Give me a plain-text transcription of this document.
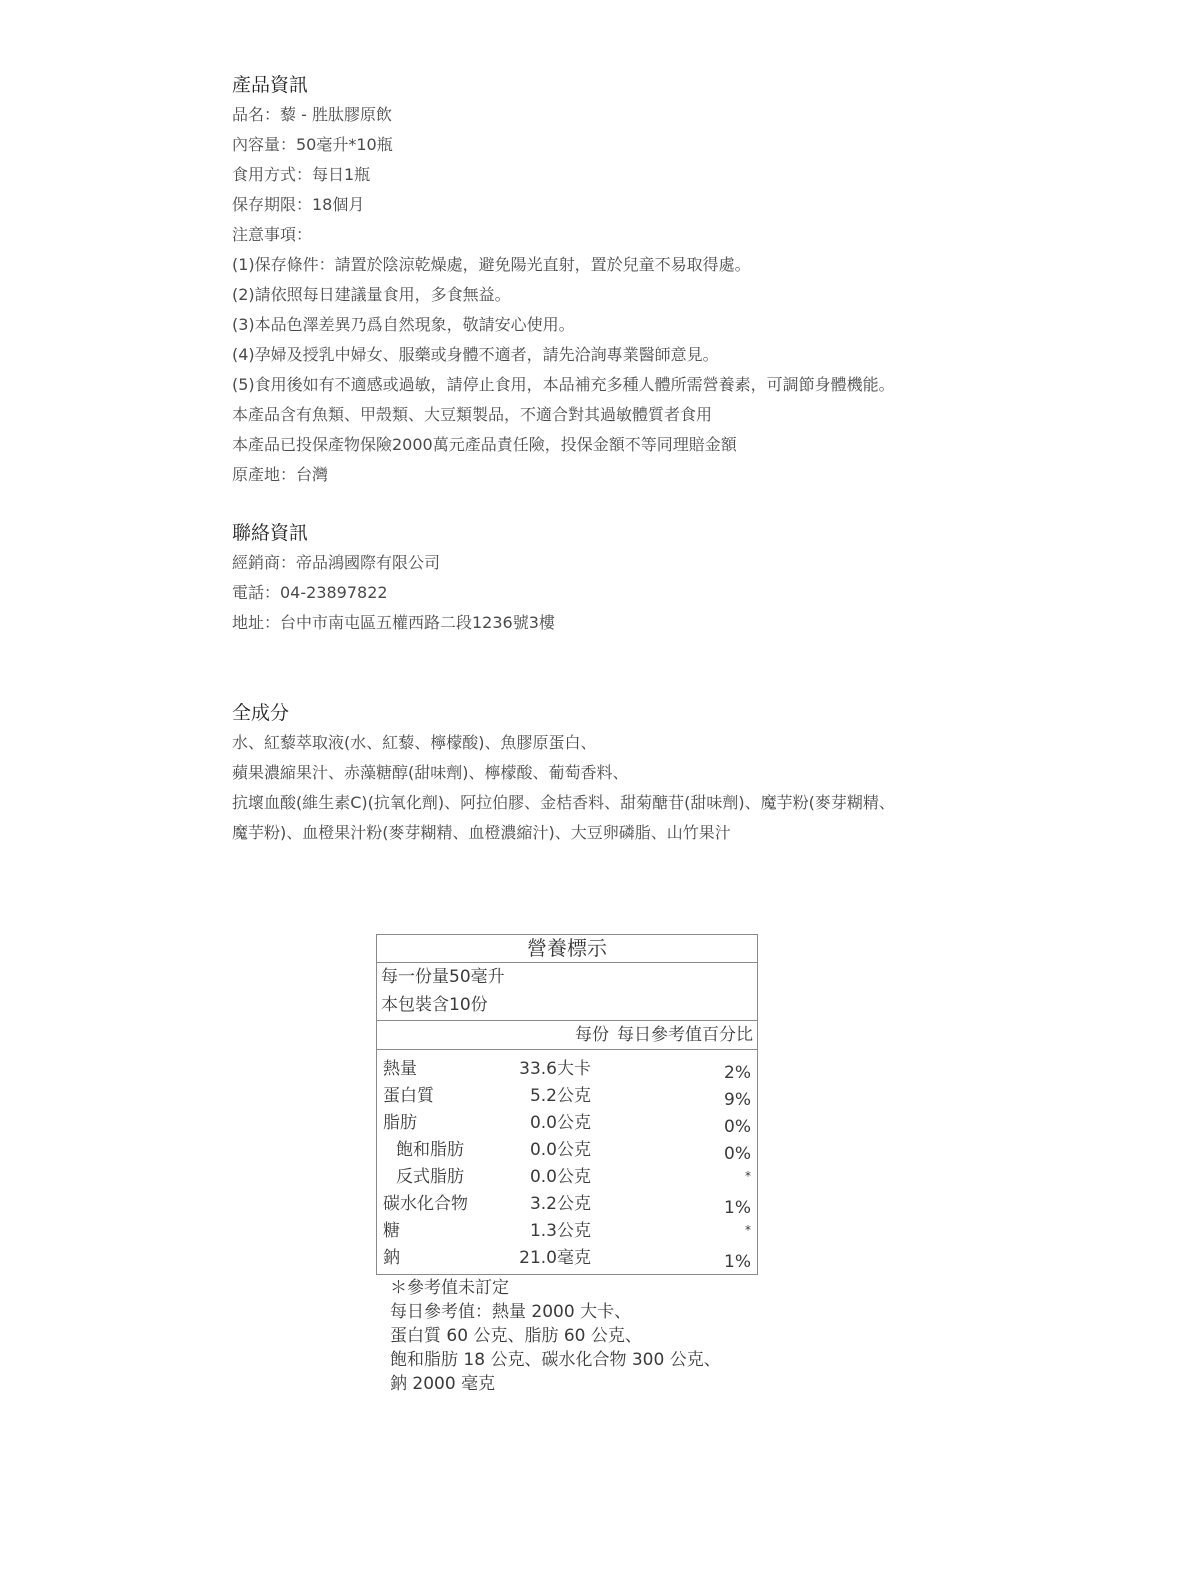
產品資訊
品名：藜 - 胜肽膠原飲
內容量：50毫升*10瓶
食用方式：每日1瓶
保存期限：18個月
注意事項：
(1)保存條件：請置於陰涼乾燥處，避免陽光直射，置於兒童不易取得處。
(2)請依照每日建議量食用，多食無益。
(3)本品色澤差異乃爲自然現象，敬請安心使用。
(4)孕婦及授乳中婦女、服藥或身體不適者，請先洽詢專業醫師意見。
(5)食用後如有不適感或過敏，請停止食用，本品補充多種人體所需營養素，可調節身體機能。
本產品含有魚類、甲殼類、大豆類製品，不適合對其過敏體質者食用
本產品已投保產物保險2000萬元產品責任險，投保金額不等同理賠金額
原產地：台灣
聯絡資訊
經銷商：帝品鴻國際有限公司
電話：04-23897822
地址：台中市南屯區五權西路二段1236號3樓
全成分
水、紅藜萃取液(水、紅藜、檸檬酸)、魚膠原蛋白、
蘋果濃縮果汁、赤藻糖醇(甜味劑)、檸檬酸、葡萄香料、
抗壞血酸(維生素C)(抗氧化劑)、阿拉伯膠、金桔香料、甜菊醣苷(甜味劑)、魔芋粉(麥芽糊精、
魔芋粉)、血橙果汁粉(麥芽糊精、血橙濃縮汁)、大豆卵磷脂、山竹果汁
營養標示
每一份量50毫升
本包裝含10份
每份 每日參考值百分比
熱量	33.6大卡	2%
蛋白質	5.2公克	9%
脂肪	0.0公克	0%
飽和脂肪	0.0公克	0%
反式脂肪	0.0公克	*
碳水化合物	3.2公克	1%
糖	1.3公克	*
鈉	21.0毫克	1%
＊參考值未訂定
每日參考值：熱量 2000 大卡、
蛋白質 60 公克、脂肪 60 公克、
飽和脂肪 18 公克、碳水化合物 300 公克、
鈉 2000 毫克
